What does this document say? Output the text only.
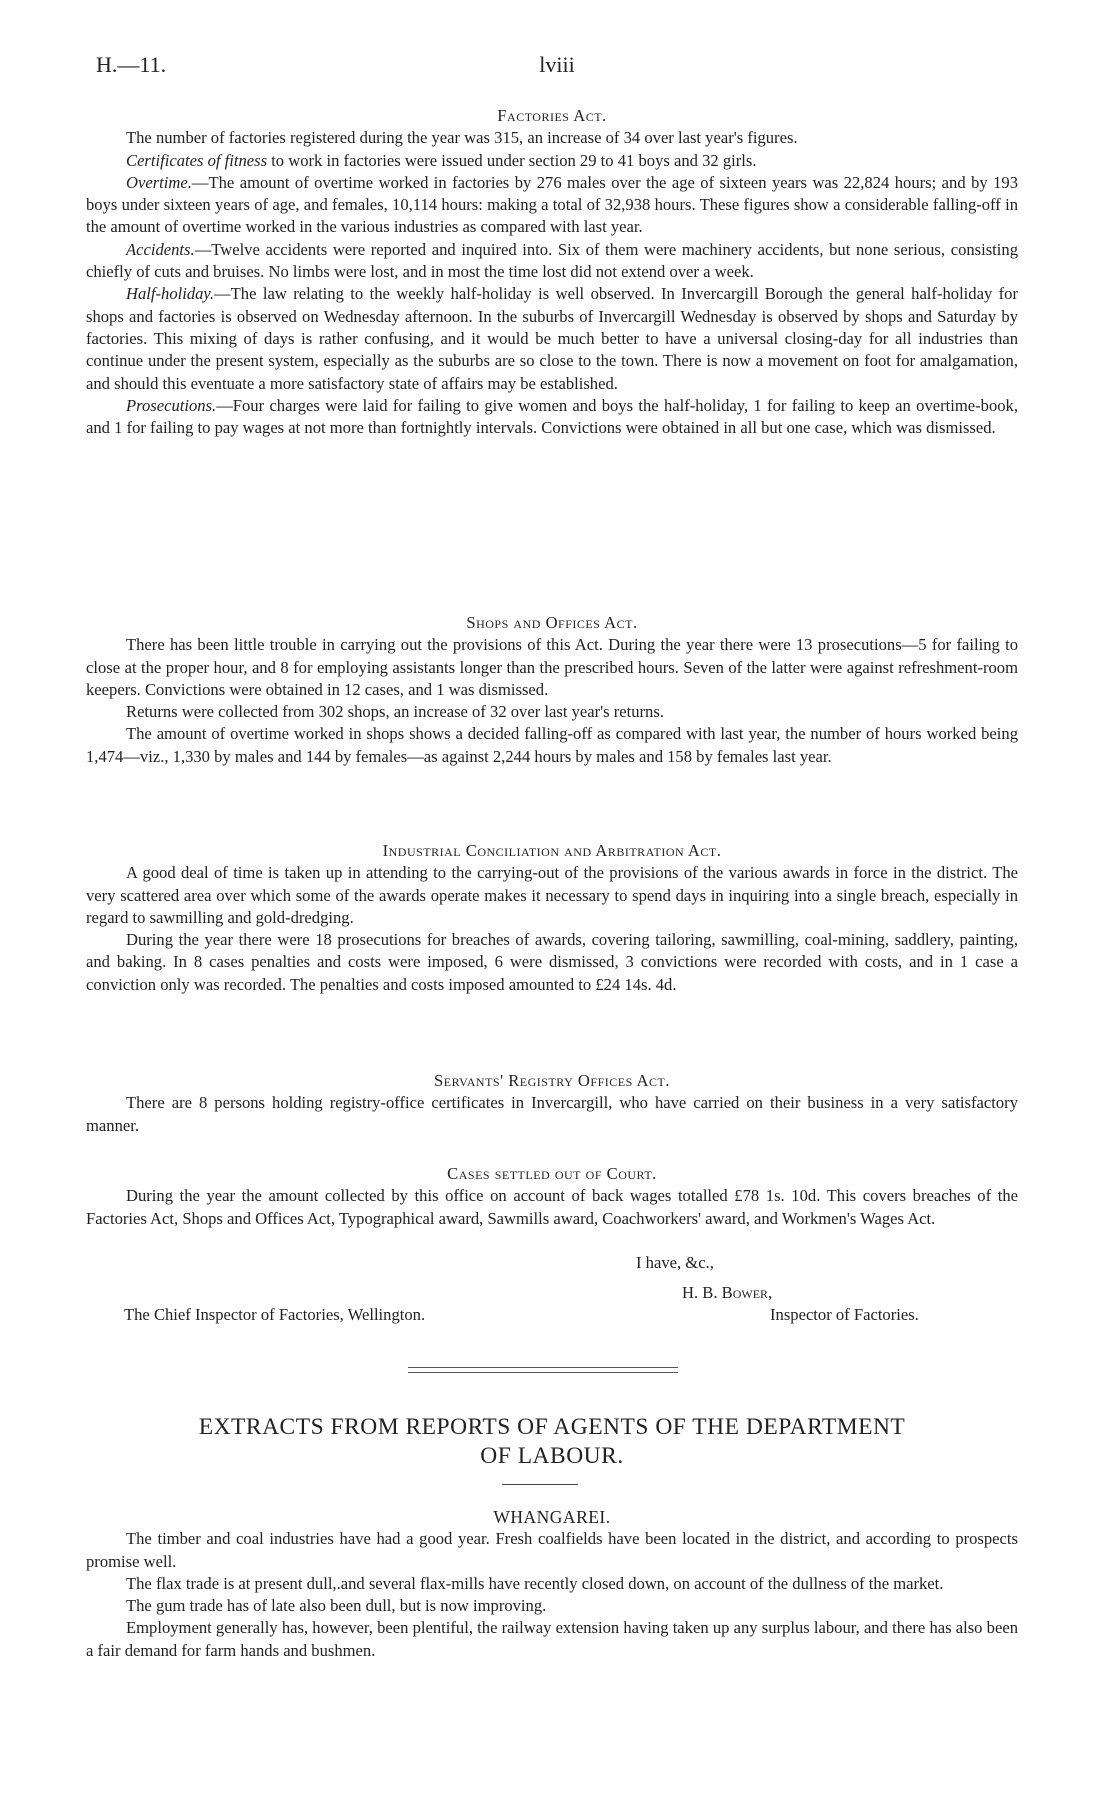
H.—11.	lviii
Factories Act.

The number of factories registered during the year was 315, an increase of 34 over last year's figures.

Certificates of fitness to work in factories were issued under section 29 to 41 boys and 32 girls.

Overtime.—The amount of overtime worked in factories by 276 males over the age of sixteen years was 22,824 hours; and by 193 boys under sixteen years of age, and females, 10,114 hours: making a total of 32,938 hours. These figures show a considerable falling-off in the amount of overtime worked in the various industries as compared with last year.

Accidents.—Twelve accidents were reported and inquired into. Six of them were machinery accidents, but none serious, consisting chiefly of cuts and bruises. No limbs were lost, and in most the time lost did not extend over a week.

Half-holiday.—The law relating to the weekly half-holiday is well observed. In Invercargill Borough the general half-holiday for shops and factories is observed on Wednesday afternoon. In the suburbs of Invercargill Wednesday is observed by shops and Saturday by factories. This mixing of days is rather confusing, and it would be much better to have a universal closing-day for all industries than continue under the present system, especially as the suburbs are so close to the town. There is now a movement on foot for amalgamation, and should this eventuate a more satisfactory state of affairs may be established.

Prosecutions.—Four charges were laid for failing to give women and boys the half-holiday, 1 for failing to keep an overtime-book, and 1 for failing to pay wages at not more than fortnightly intervals. Convictions were obtained in all but one case, which was dismissed.

Shops and Offices Act.

There has been little trouble in carrying out the provisions of this Act. During the year there were 13 prosecutions—5 for failing to close at the proper hour, and 8 for employing assistants longer than the prescribed hours. Seven of the latter were against refreshment-room keepers. Convictions were obtained in 12 cases, and 1 was dismissed.

Returns were collected from 302 shops, an increase of 32 over last year's returns.

The amount of overtime worked in shops shows a decided falling-off as compared with last year, the number of hours worked being 1,474—viz., 1,330 by males and 144 by females—as against 2,244 hours by males and 158 by females last year.

Industrial Conciliation and Arbitration Act.

A good deal of time is taken up in attending to the carrying-out of the provisions of the various awards in force in the district. The very scattered area over which some of the awards operate makes it necessary to spend days in inquiring into a single breach, especially in regard to sawmilling and gold-dredging.

During the year there were 18 prosecutions for breaches of awards, covering tailoring, sawmilling, coal-mining, saddlery, painting, and baking. In 8 cases penalties and costs were imposed, 6 were dismissed, 3 convictions were recorded with costs, and in 1 case a conviction only was recorded. The penalties and costs imposed amounted to £24 14s. 4d.

Servants' Registry Offices Act.

There are 8 persons holding registry-office certificates in Invercargill, who have carried on their business in a very satisfactory manner.

Cases settled out of Court.

During the year the amount collected by this office on account of back wages totalled £78 1s. 10d. This covers breaches of the Factories Act, Shops and Offices Act, Typographical award, Sawmills award, Coachworkers' award, and Workmen's Wages Act.

I have, &c.,
H. B. Bower,
Inspector of Factories.
The Chief Inspector of Factories, Wellington.
EXTRACTS FROM REPORTS OF AGENTS OF THE DEPARTMENT
OF LABOUR.
WHANGAREI.

The timber and coal industries have had a good year. Fresh coalfields have been located in the district, and according to prospects promise well.

The flax trade is at present dull,.and several flax-mills have recently closed down, on account of the dullness of the market.

The gum trade has of late also been dull, but is now improving.

Employment generally has, however, been plentiful, the railway extension having taken up any surplus labour, and there has also been a fair demand for farm hands and bushmen.
